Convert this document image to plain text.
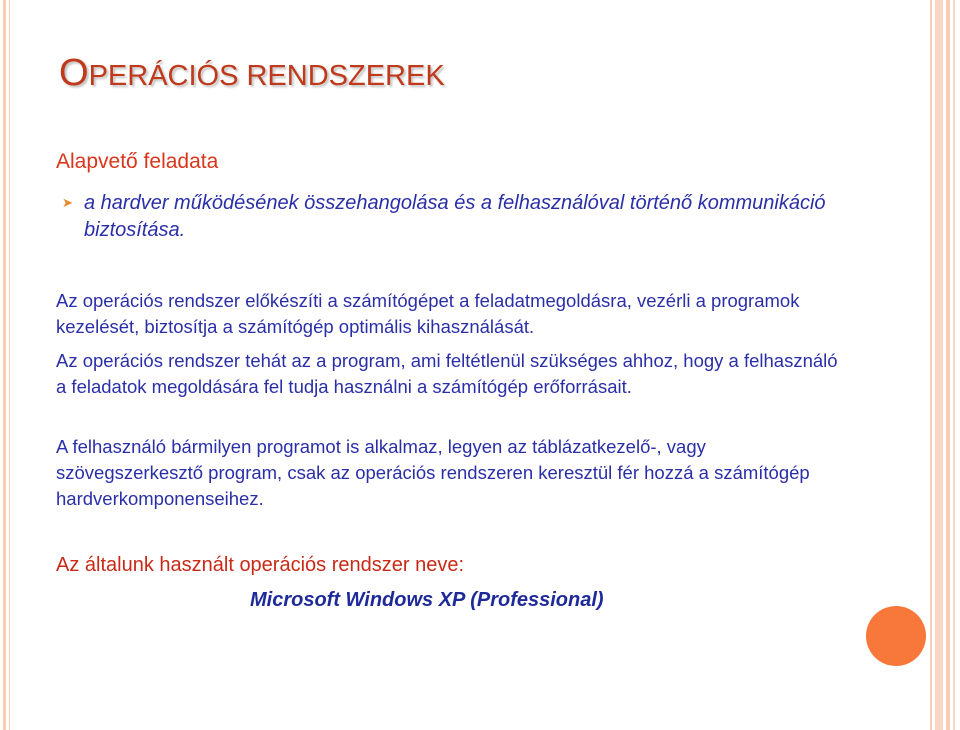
OPERÁCIÓS RENDSZEREK
Alapvető feladata
➤ a hardver működésének összehangolása és a felhasználóval történő kommunikáció biztosítása.
Az operációs rendszer előkészíti a számítógépet a feladatmegoldásra, vezérli a programok kezelését, biztosítja a számítógép optimális kihasználását.
Az operációs rendszer tehát az a program, ami feltétlenül szükséges ahhoz, hogy a felhasználó a feladatok megoldására fel tudja használni a számítógép erőforrásait.
A felhasználó bármilyen programot is alkalmaz, legyen az táblázatkezelő-, vagy szövegszerkesztő program, csak az operációs rendszeren keresztül fér hozzá a számítógép hardverkomponenseihez.
Az általunk használt operációs rendszer neve:
Microsoft Windows XP (Professional)
